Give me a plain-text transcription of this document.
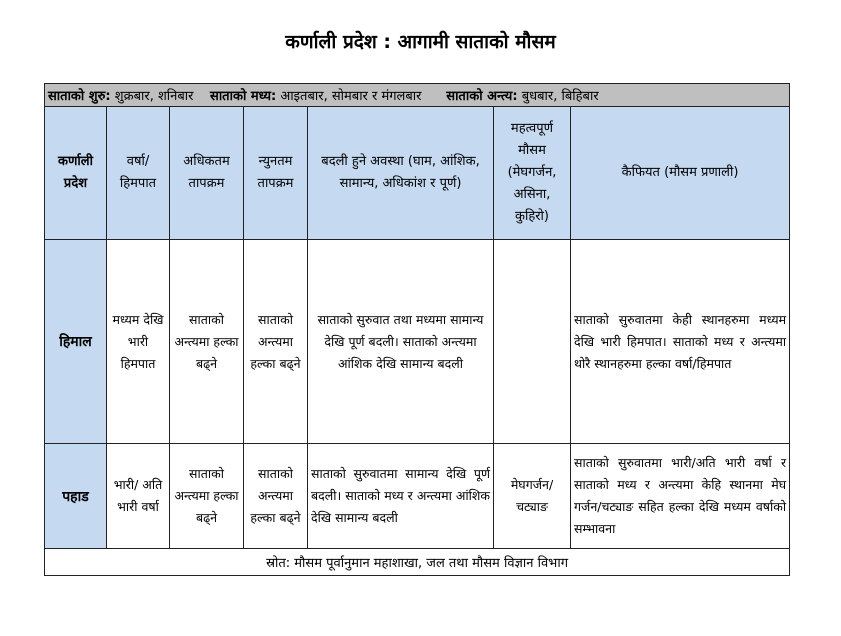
कर्णाली प्रदेश : आगामी साताको मौसम
साताको शुरु: शुक्रबार, शनिबार साताको मध्य: आइतबार, सोमबार र मंगलबार साताको अन्त्य: बुधबार, बिहिबार						
कर्णाली प्रदेश	वर्षा/ हिमपात	अधिकतम तापक्रम	न्युनतम तापक्रम	बदली हुने अवस्था (घाम, आंशिक, सामान्य, अधिकांश र पूर्ण)	महत्वपूर्ण मौसम (मेघगर्जन, असिना, कुहिरो)	कैफियत (मौसम प्रणाली)
हिमाल	मध्यम देखि भारी हिमपात	साताको अन्त्यमा हल्का बढ्ने	साताको अन्त्यमा हल्का बढ्ने	साताको सुरुवात तथा मध्यमा सामान्य देखि पूर्ण बदली। साताको अन्त्यमा आंशिक देखि सामान्य बदली		साताको सुरुवातमा केही स्थानहरुमा मध्यम देखि भारी हिमपात। साताको मध्य र अन्त्यमा थोरै स्थानहरुमा हल्का वर्षा/हिमपात
पहाड	भारी/ अति भारी वर्षा	साताको अन्त्यमा हल्का बढ्ने	साताको अन्त्यमा हल्का बढ्ने	साताको सुरुवातमा सामान्य देखि पूर्ण बदली। साताको मध्य र अन्त्यमा आंशिक देखि सामान्य बदली	मेघगर्जन/ चट्याङ	साताको सुरुवातमा भारी/अति भारी वर्षा र साताको मध्य र अन्त्यमा केहि स्थानमा मेघ गर्जन/चट्याङ सहित हल्का देखि मध्यम वर्षाको सम्भावना
स्रोत: मौसम पूर्वानुमान महाशाखा, जल तथा मौसम विज्ञान विभाग						
